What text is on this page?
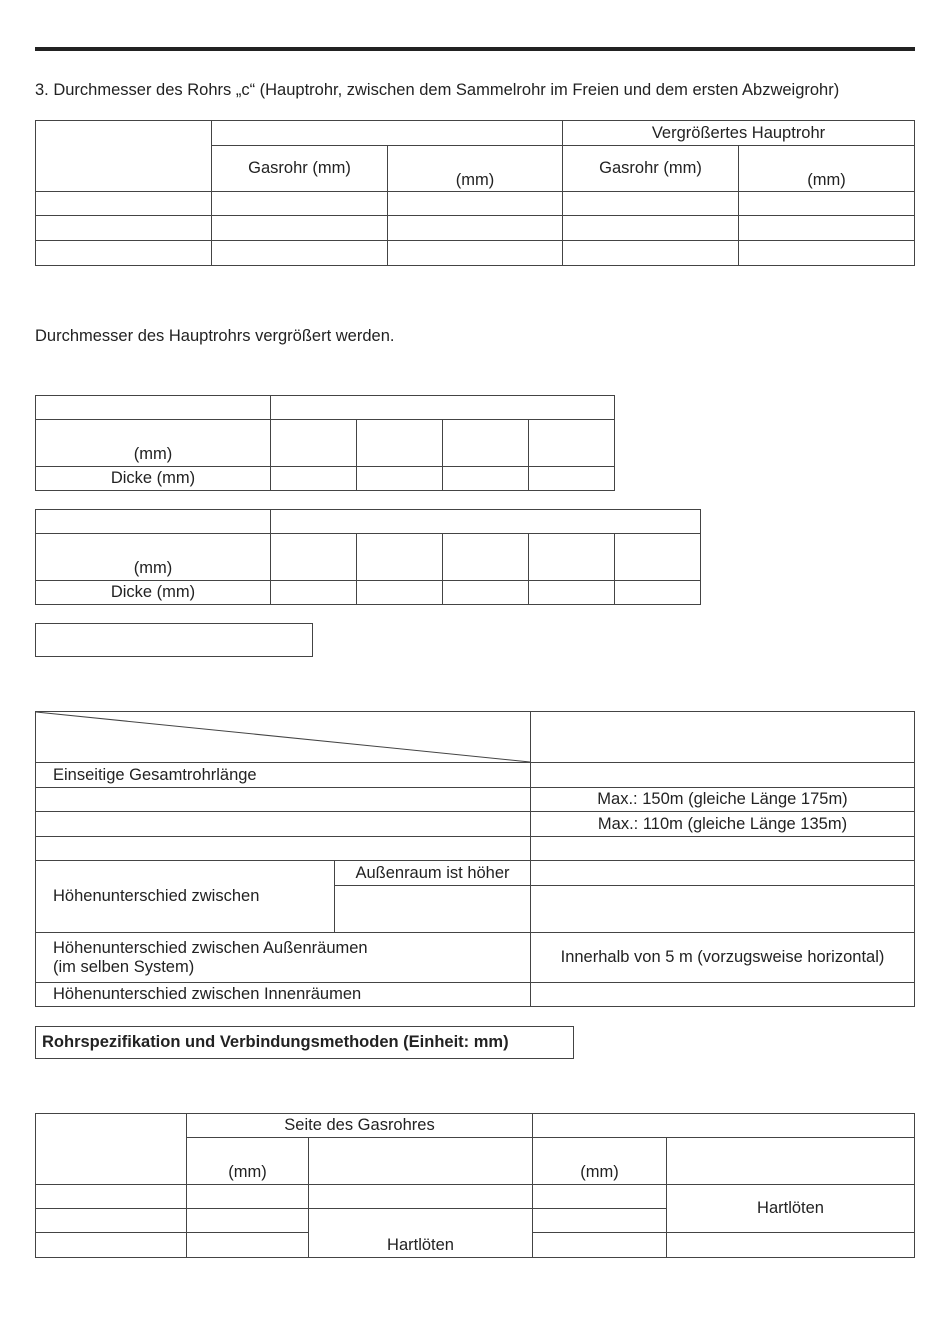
3. Durchmesser des Rohrs „c“ (Hauptrohr, zwischen dem Sammelrohr im Freien und dem ersten Abzweigrohr)
			Vergrößertes Hauptrohr	
	Gasrohr (mm)	(mm)	Gasrohr (mm)	(mm)

Durchmesser des Hauptrohrs vergrößert werden.

(mm)				
Dicke (mm)				

(mm)					
Dicke (mm)					

Einseitige Gesamtrohrlänge		
		Max.: 150m (gleiche Länge 175m)
		Max.: 110m (gleiche Länge 135m)

Höhenunterschied zwischen	Außenraum ist höher	

Höhenunterschied zwischen Außenräumen
(im selben System)		Innerhalb von 5 m (vorzugsweise horizontal)
Höhenunterschied zwischen Innenräumen		
Rohrspezifikation und Verbindungsmethoden (Einheit: mm)
	Seite des Gasrohres			
	(mm)		(mm)	
				Hartlöten
		Hartlöten		
